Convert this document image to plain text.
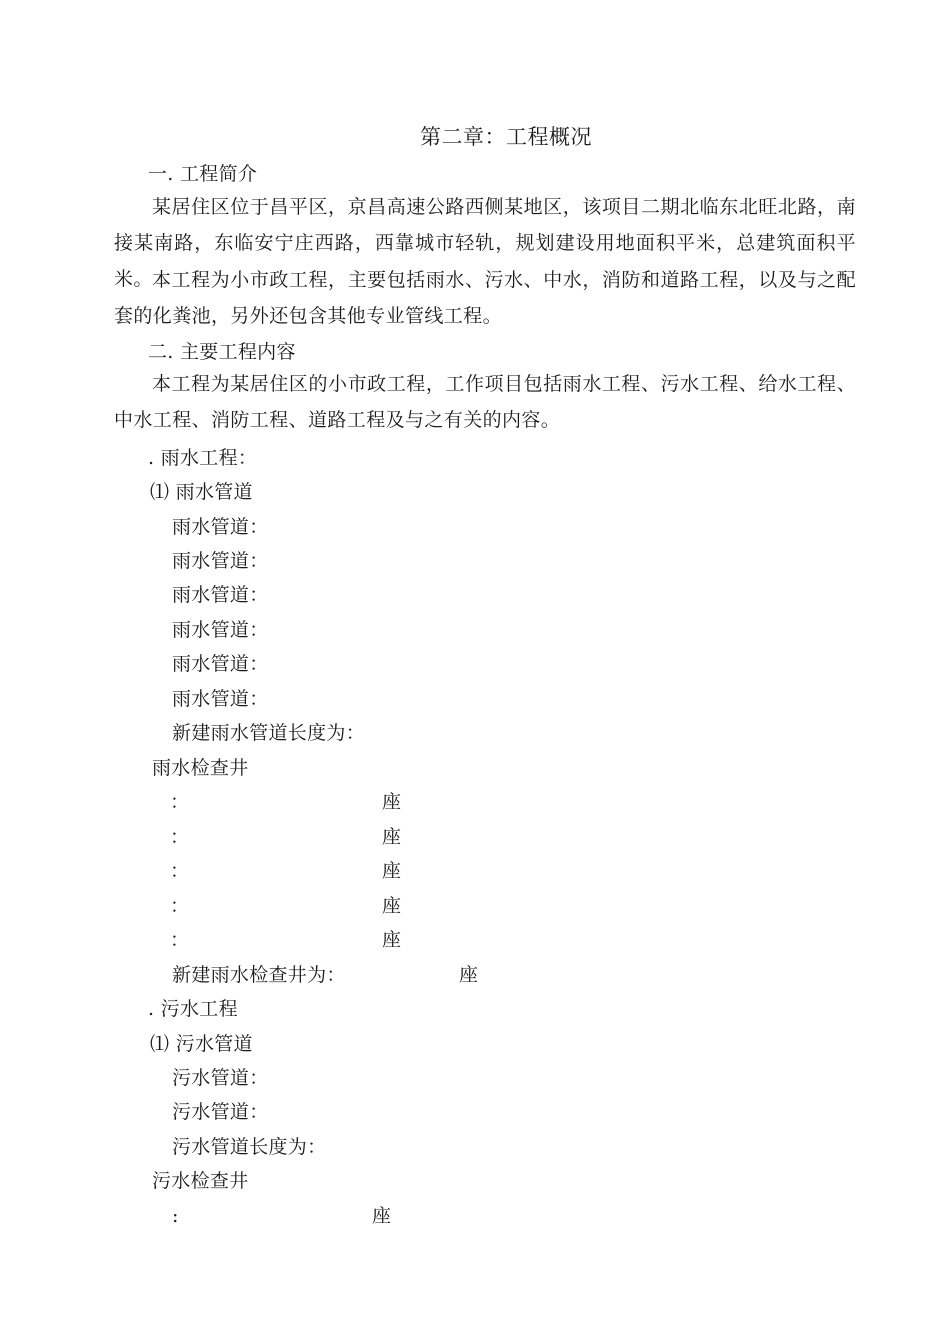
第二章：工程概况
一. 工程简介
某居住区位于昌平区，京昌高速公路西侧某地区，该项目二期北临东北旺北路，南接某南路，东临安宁庄西路，西靠城市轻轨，规划建设用地面积平米，总建筑面积平米。 本工程为小市政工程，主要包括雨水、污水、中水，消防和道路工程，以及与之配套的化粪池，另外还包含其他专业管线工程。
二. 主要工程内容
本工程为某居住区的小市政工程，工作项目包括雨水工程、污水工程、给水工程、中水工程、消防工程、道路工程及与之有关的内容。
. 雨水工程：
⑴ 雨水管道
雨水管道：
雨水管道：
雨水管道：
雨水管道：
雨水管道：
雨水管道：
新建雨水管道长度为：
雨水检查井
：	座
：	座
：	座
：	座
：	座
新建雨水检查井为：	座
. 污水工程
⑴ 污水管道
污水管道：
污水管道：
污水管道长度为：
污水检查井
:	座
